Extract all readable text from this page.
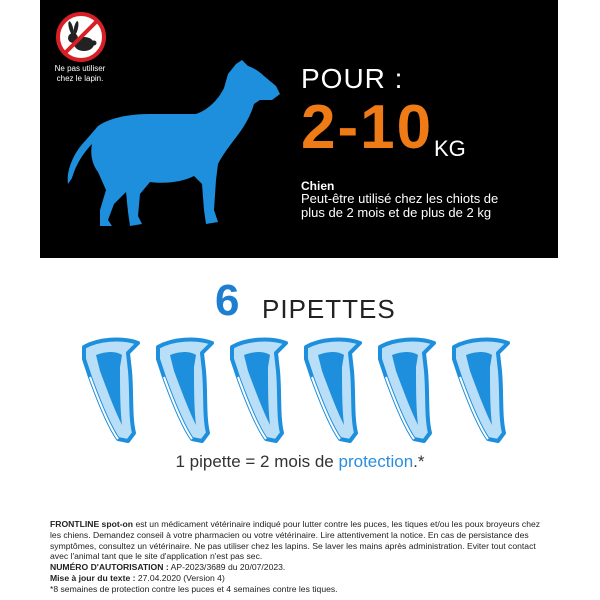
Ne pas utiliser
chez le lapin.	POUR :
2-10 KG
Chien
Peut-être utilisé chez les chiots de plus de 2 mois et de plus de 2 kg
6 PIPETTES
1 pipette = 2 mois de protection.*
FRONTLINE spot-on est un médicament vétérinaire indiqué pour lutter contre les puces, les tiques et/ou les poux broyeurs chez les chiens. Demandez conseil à votre pharmacien ou votre vétérinaire. Lire attentivement la notice. En cas de persistance des symptômes, consultez un vétérinaire. Ne pas utiliser chez les lapins. Se laver les mains après administration. Eviter tout contact avec l'animal tant que le site d'application n'est pas sec.
NUMÉRO D'AUTORISATION : AP-2023/3689 du 20/07/2023.
Mise à jour du texte : 27.04.2020 (Version 4)
*8 semaines de protection contre les puces et 4 semaines contre les tiques.
